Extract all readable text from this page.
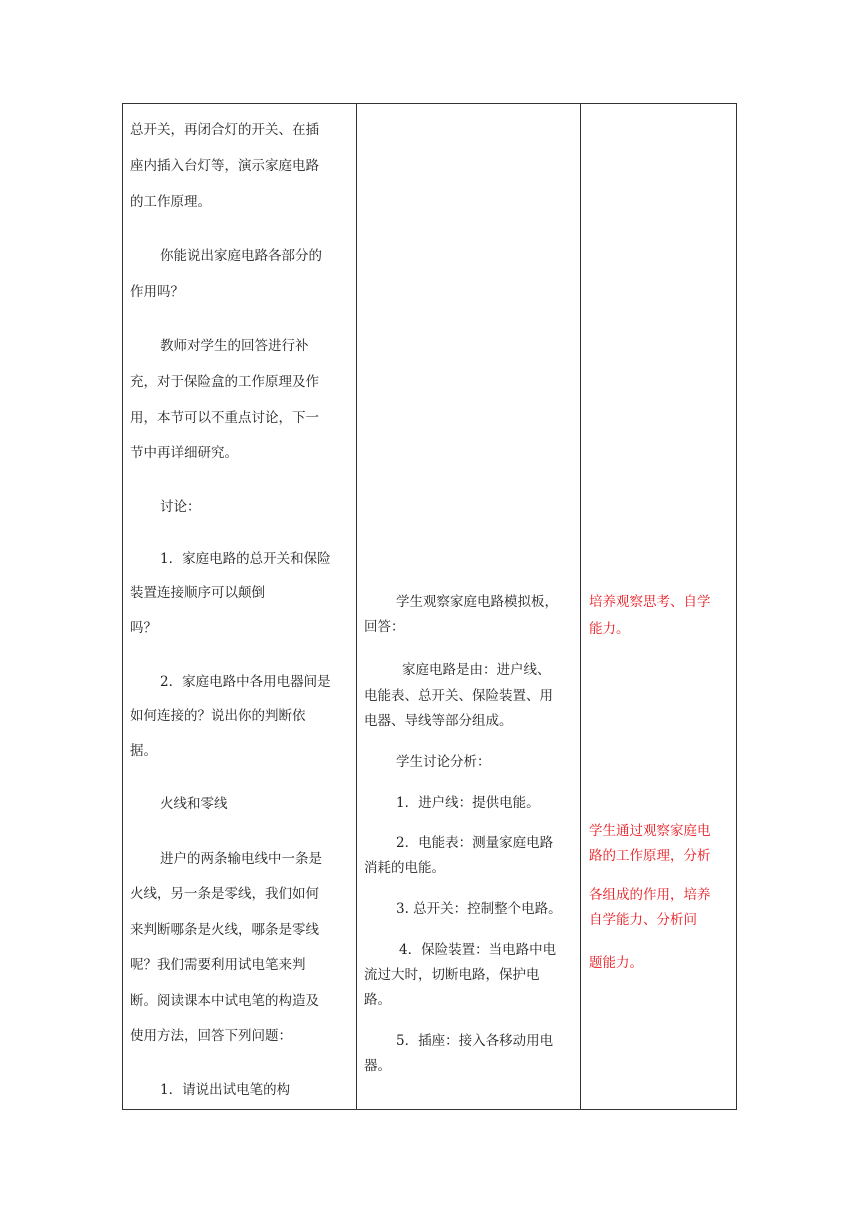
总开关，再闭合灯的开关、在插

座内插入台灯等，演示家庭电路

的工作原理。

你能说出家庭电路各部分的

作用吗？

教师对学生的回答进行补

充，对于保险盒的工作原理及作

用，本节可以不重点讨论，下一

节中再详细研究。

讨论：

1．家庭电路的总开关和保险

装置连接顺序可以颠倒

吗？

2．家庭电路中各用电器间是

如何连接的？说出你的判断依

据。

火线和零线

进户的两条输电线中一条是

火线，另一条是零线，我们如何

来判断哪条是火线，哪条是零线

呢？我们需要利用试电笔来判

断。阅读课本中试电笔的构造及

使用方法，回答下列问题：

1．请说出试电笔的构

学生观察家庭电路模拟板，

回答：

家庭电路是由：进户线、

电能表、总开关、保险装置、用

电器、导线等部分组成。

学生讨论分析：

1．进户线：提供电能。

2．电能表：测量家庭电路

消耗的电能。

3. 总开关：控制整个电路。

4．保险装置：当电路中电

流过大时，切断电路，保护电

路。

5．插座：接入各移动用电

器。

培养观察思考、自学

能力。

学生通过观察家庭电

路的工作原理，分析

各组成的作用，培养

自学能力、分析问

题能力。
